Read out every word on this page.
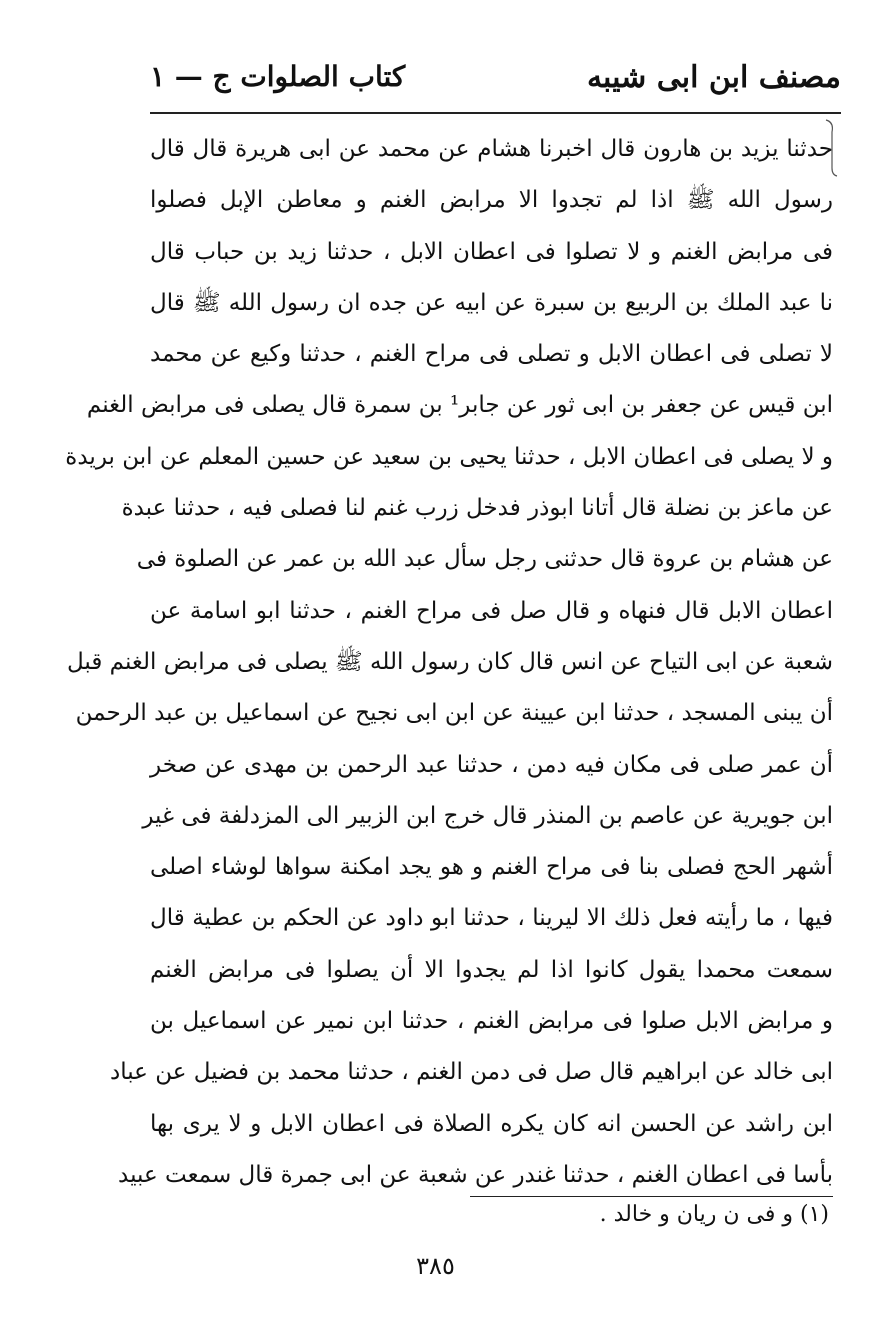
مصنف ابن ابى شيبه
كتاب الصلوات ج — ١
حدثنا يزيد بن هارون قال اخبرنا هشام عن محمد عن ابى هريرة قال قال
رسول الله ﷺ اذا لم تجدوا الا مرابض الغنم و معاطن الإبل فصلوا
فى مرابض الغنم و لا تصلوا فى اعطان الابل ، حدثنا زيد بن حباب قال
نا عبد الملك بن الربيع بن سبرة عن ابيه عن جده ان رسول الله ﷺ قال
لا تصلى فى اعطان الابل و تصلى فى مراح الغنم ، حدثنا وكيع عن محمد
ابن قيس عن جعفر بن ابى ثور عن جابر¹ بن سمرة قال يصلى فى مرابض الغنم
و لا يصلى فى اعطان الابل ، حدثنا يحيى بن سعيد عن حسين المعلم عن ابن بريدة
عن ماعز بن نضلة قال أتانا ابوذر فدخل زرب غنم لنا فصلى فيه ، حدثنا عبدة
عن هشام بن عروة قال حدثنى رجل سأل عبد الله بن عمر عن الصلوة فى
اعطان الابل قال فنهاه و قال صل فى مراح الغنم ، حدثنا ابو اسامة عن
شعبة عن ابى التياح عن انس قال كان رسول الله ﷺ يصلى فى مرابض الغنم قبل
أن يبنى المسجد ، حدثنا ابن عيينة عن ابن ابى نجيح عن اسماعيل بن عبد الرحمن
أن عمر صلى فى مكان فيه دمن ، حدثنا عبد الرحمن بن مهدى عن صخر
ابن جويرية عن عاصم بن المنذر قال خرج ابن الزبير الى المزدلفة فى غير
أشهر الحج فصلى بنا فى مراح الغنم و هو يجد امكنة سواها لوشاء اصلى
فيها ، ما رأيته فعل ذلك الا ليرينا ، حدثنا ابو داود عن الحكم بن عطية قال
سمعت محمدا يقول كانوا اذا لم يجدوا الا أن يصلوا فى مرابض الغنم
و مرابض الابل صلوا فى مرابض الغنم ، حدثنا ابن نمير عن اسماعيل بن
ابى خالد عن ابراهيم قال صل فى دمن الغنم ، حدثنا محمد بن فضيل عن عباد
ابن راشد عن الحسن انه كان يكره الصلاة فى اعطان الابل و لا يرى بها
بأسا فى اعطان الغنم ، حدثنا غندر عن شعبة عن ابى جمرة قال سمعت عبيد
(١) و فى ن ريان و خالد .
٣٨٥
